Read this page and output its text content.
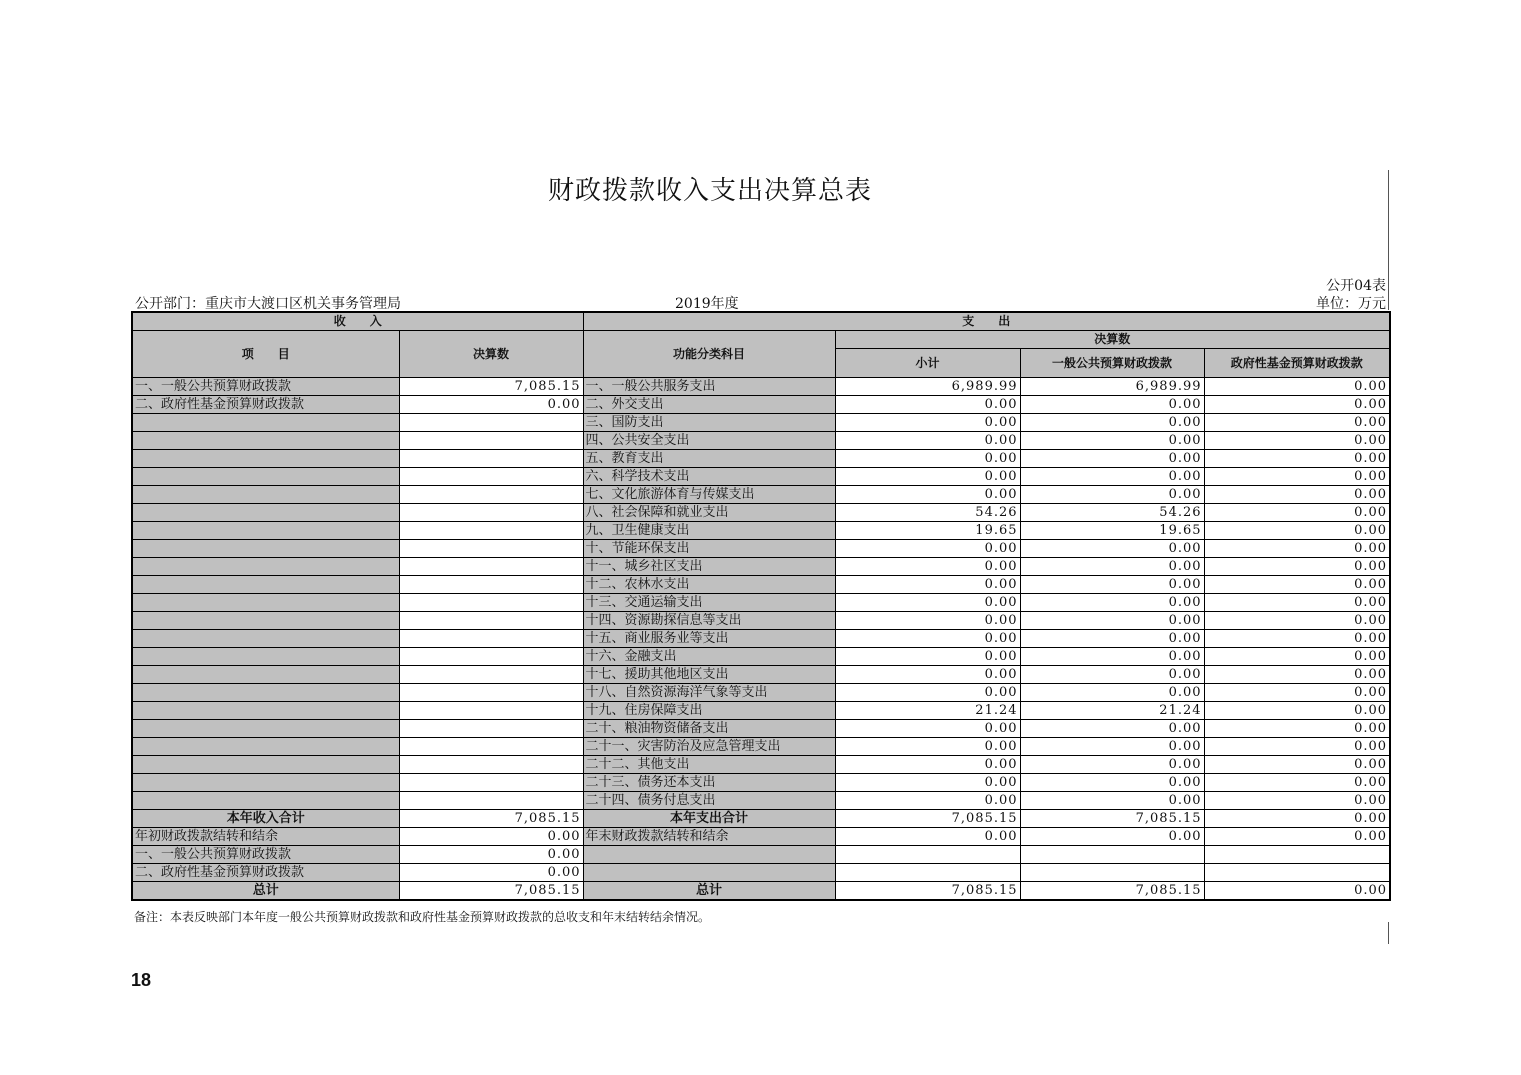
财政拨款收入支出决算总表
公开04表
公开部门：重庆市大渡口区机关事务管理局	2019年度	单位：万元
收　　入		支　　出			
项　　目	决算数	功能分类科目	决算数		
			小计	一般公共预算财政拨款	政府性基金预算财政拨款
一、一般公共预算财政拨款	7,085.15	一、一般公共服务支出	6,989.99	6,989.99	0.00
二、政府性基金预算财政拨款	0.00	二、外交支出	0.00	0.00	0.00
		三、国防支出	0.00	0.00	0.00
		四、公共安全支出	0.00	0.00	0.00
		五、教育支出	0.00	0.00	0.00
		六、科学技术支出	0.00	0.00	0.00
		七、文化旅游体育与传媒支出	0.00	0.00	0.00
		八、社会保障和就业支出	54.26	54.26	0.00
		九、卫生健康支出	19.65	19.65	0.00
		十、节能环保支出	0.00	0.00	0.00
		十一、城乡社区支出	0.00	0.00	0.00
		十二、农林水支出	0.00	0.00	0.00
		十三、交通运输支出	0.00	0.00	0.00
		十四、资源勘探信息等支出	0.00	0.00	0.00
		十五、商业服务业等支出	0.00	0.00	0.00
		十六、金融支出	0.00	0.00	0.00
		十七、援助其他地区支出	0.00	0.00	0.00
		十八、自然资源海洋气象等支出	0.00	0.00	0.00
		十九、住房保障支出	21.24	21.24	0.00
		二十、粮油物资储备支出	0.00	0.00	0.00
		二十一、灾害防治及应急管理支出	0.00	0.00	0.00
		二十二、其他支出	0.00	0.00	0.00
		二十三、债务还本支出	0.00	0.00	0.00
		二十四、债务付息支出	0.00	0.00	0.00
本年收入合计	7,085.15	本年支出合计	7,085.15	7,085.15	0.00
年初财政拨款结转和结余	0.00	年末财政拨款结转和结余	0.00	0.00	0.00
一、一般公共预算财政拨款	0.00				
二、政府性基金预算财政拨款	0.00				
总计	7,085.15	总计	7,085.15	7,085.15	0.00
备注：本表反映部门本年度一般公共预算财政拨款和政府性基金预算财政拨款的总收支和年末结转结余情况。
18
